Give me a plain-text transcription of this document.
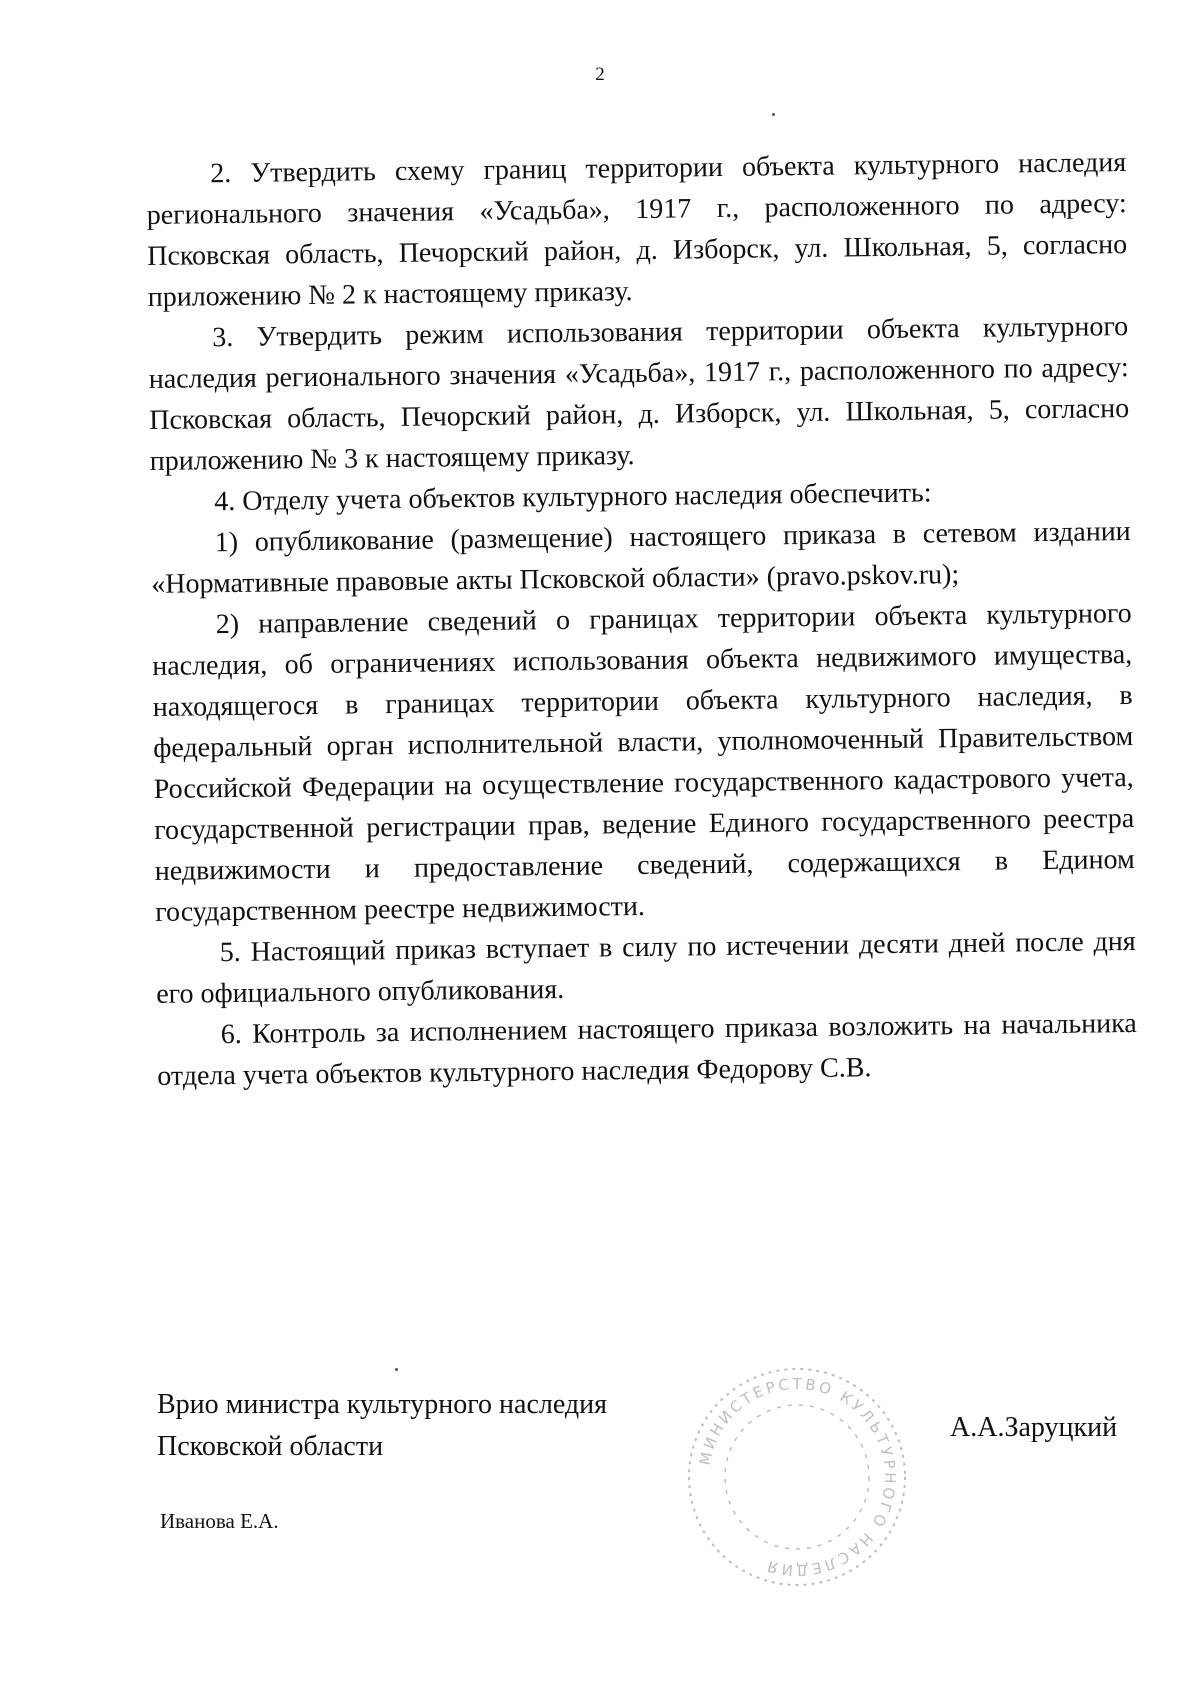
2

2. Утвердить схему границ территории объекта культурного наследия регионального значения «Усадьба», 1917 г., расположенного по адресу: Псковская область, Печорский район, д. Изборск, ул. Школьная, 5, согласно приложению № 2 к настоящему приказу.

3. Утвердить режим использования территории объекта культурного наследия регионального значения «Усадьба», 1917 г., расположенного по адресу: Псковская область, Печорский район, д. Изборск, ул. Школьная, 5, согласно приложению № 3 к настоящему приказу.

4. Отделу учета объектов культурного наследия обеспечить:

1) опубликование (размещение) настоящего приказа в сетевом издании «Нормативные правовые акты Псковской области» (pravo.pskov.ru);

2) направление сведений о границах территории объекта культурного наследия, об ограничениях использования объекта недвижимого имущества, находящегося в границах территории объекта культурного наследия, в федеральный орган исполнительной власти, уполномоченный Правительством Российской Федерации на осуществление государственного кадастрового учета, государственной регистрации прав, ведение Единого государственного реестра недвижимости и предоставление сведений, содержащихся в Едином государственном реестре недвижимости.

5. Настоящий приказ вступает в силу по истечении десяти дней после дня его официального опубликования.

6. Контроль за исполнением настоящего приказа возложить на начальника отдела учета объектов культурного наследия Федорову С.В.

Врио министра культурного наследия
Псковской области
А.А.Заруцкий
Иванова Е.А.
МИНИСТЕРСТВО КУЛЬТУРНОГО НАСЛЕДИЯ
